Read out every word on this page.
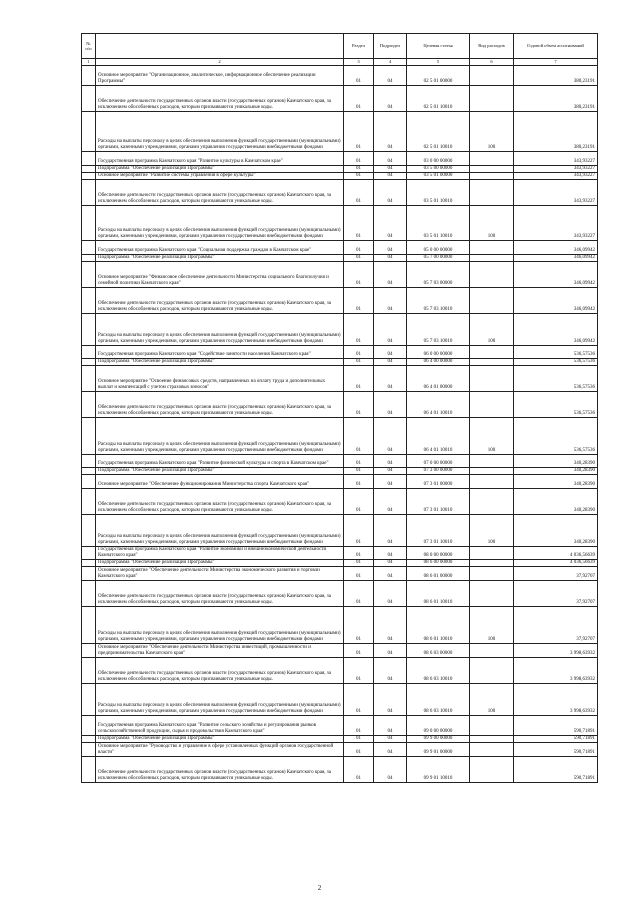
№ п/п		Раздел	Подраздел	Целевая статья	Вид расходов	Годовой объем ассигнований
1	2	3	4	5	6	7
	Основное мероприятие "Организационное, аналитическое, информационное обеспечение реализации Программы"	01	04	02 5 01 00000		380,23191
	Обеспечение деятельности государственных органов власти (государственных органов) Камчатского края, за исключением обособленных расходов, которым присваиваются уникальные коды.	01	04	02 5 01 10010		380,23191
	Расходы на выплаты персоналу в целях обеспечения выполнения функций государственными (муниципальными) органами, казенными учреждениями, органами управления государственными внебюджетными фондами	01	04	02 5 01 10010	100	380,23191
	Государственная программа Камчатского края "Развитие культуры в Камчатском крае"	01	04	03 0 00 00000		343,93227
	Подпрограмма "Обеспечение реализации Программы"	01	04	03 5 00 00000		343,93227
	Основное мероприятие "Развитие системы управления в сфере культуры"	01	04	03 5 01 00000		343,93227
	Обеспечение деятельности государственных органов власти (государственных органов) Камчатского края, за исключением обособленных расходов, которым присваиваются уникальные коды.	01	04	03 5 01 10010		343,93227
	Расходы на выплаты персоналу в целях обеспечения выполнения функций государственными (муниципальными) органами, казенными учреждениями, органами управления государственными внебюджетными фондами	01	04	03 5 01 10010	100	343,93227
	Государственная программа Камчатского края "Социальная поддержка граждан в Камчатском крае"	01	04	05 0 00 00000		346,09942
	Подпрограмма "Обеспечение реализации Программы"	01	04	05 7 00 00000		346,09942
	Основное мероприятие "Финансовое обеспечение деятельности Министерства социального благополучия и семейной политики Камчатского края"	01	04	05 7 03 00000		346,09942
	Обеспечение деятельности государственных органов власти (государственных органов) Камчатского края, за исключением обособленных расходов, которым присваиваются уникальные коды.	01	04	05 7 03 10010		346,09942
	Расходы на выплаты персоналу в целях обеспечения выполнения функций государственными (муниципальными) органами, казенными учреждениями, органами управления государственными внебюджетными фондами	01	04	05 7 03 10010	100	346,09942
	Государственная программа Камчатского края "Содействие занятости населения Камчатского края"	01	04	06 0 00 00000		536,57536
	Подпрограмма "Обеспечение реализации Программы"	01	04	06 4 00 00000		536,57536
	Основное мероприятие "Освоение финансовых средств, направленных на оплату труда и дополнительных выплат и компенсаций с учетом страховых взносов"	01	04	06 4 01 00000		536,57536
	Обеспечение деятельности государственных органов власти (государственных органов) Камчатского края, за исключением обособленных расходов, которым присваиваются уникальные коды.	01	04	06 4 01 10010		536,57536
	Расходы на выплаты персоналу в целях обеспечения выполнения функций государственными (муниципальными) органами, казенными учреждениями, органами управления государственными внебюджетными фондами	01	04	06 4 01 10010	100	536,57536
	Государственная программа Камчатского края "Развитие физической культуры и спорта в Камчатском крае"	01	04	07 0 00 00000		340,28390
	Подпрограмма "Обеспечение реализации Программы"	01	04	07 3 00 00000		340,28390
	Основное мероприятие "Обеспечение функционирования Министерства спорта Камчатского края"	01	04	07 3 01 00000		340,28390
	Обеспечение деятельности государственных органов власти (государственных органов) Камчатского края, за исключением обособленных расходов, которым присваиваются уникальные коды.	01	04	07 3 01 10010		340,28390
	Расходы на выплаты персоналу в целях обеспечения выполнения функций государственными (муниципальными) органами, казенными учреждениями, органами управления государственными внебюджетными фондами	01	04	07 3 01 10010	100	340,28390
	Государственная программа Камчатского края "Развитие экономики и внешнеэкономической деятельности Камчатского края"	01	04	08 0 00 00000		4 036,56639
	Подпрограмма "Обеспечение реализации Программы"	01	04	08 6 00 00000		4 036,56639
	Основное мероприятие "Обеспечение деятельности Министерства экономического развития и торговли Камчатского края"	01	04	08 6 01 00000		37,92707
	Обеспечение деятельности государственных органов власти (государственных органов) Камчатского края, за исключением обособленных расходов, которым присваиваются уникальные коды.	01	04	08 6 01 10010		37,92707
	Расходы на выплаты персоналу в целях обеспечения выполнения функций государственными (муниципальными) органами, казенными учреждениями, органами управления государственными внебюджетными фондами	01	04	08 6 01 10010	100	37,92707
	Основное мероприятие "Обеспечение деятельности Министерства инвестиций, промышленности и предпринимательства Камчатского края"	01	04	08 6 03 00000		3 998,63932
	Обеспечение деятельности государственных органов власти (государственных органов) Камчатского края, за исключением обособленных расходов, которым присваиваются уникальные коды.	01	04	08 6 03 10010		3 998,63932
	Расходы на выплаты персоналу в целях обеспечения выполнения функций государственными (муниципальными) органами, казенными учреждениями, органами управления государственными внебюджетными фондами	01	04	08 6 03 10010	100	3 998,63932
	Государственная программа Камчатского края "Развитие сельского хозяйства и регулирования рынков сельскохозяйственной продукции, сырья и продовольствия Камчатского края"	01	04	09 0 00 00000		590,71891
	Подпрограмма "Обеспечение реализации Программы"	01	04	09 9 00 00000		590,71891
	Основное мероприятие "Руководство и управление в сфере установленных функций органов государственной власти"	01	04	09 9 01 00000		590,71891
	Обеспечение деятельности государственных органов власти (государственных органов) Камчатского края, за исключением обособленных расходов, которым присваиваются уникальные коды.	01	04	09 9 01 10010		590,71891
2
